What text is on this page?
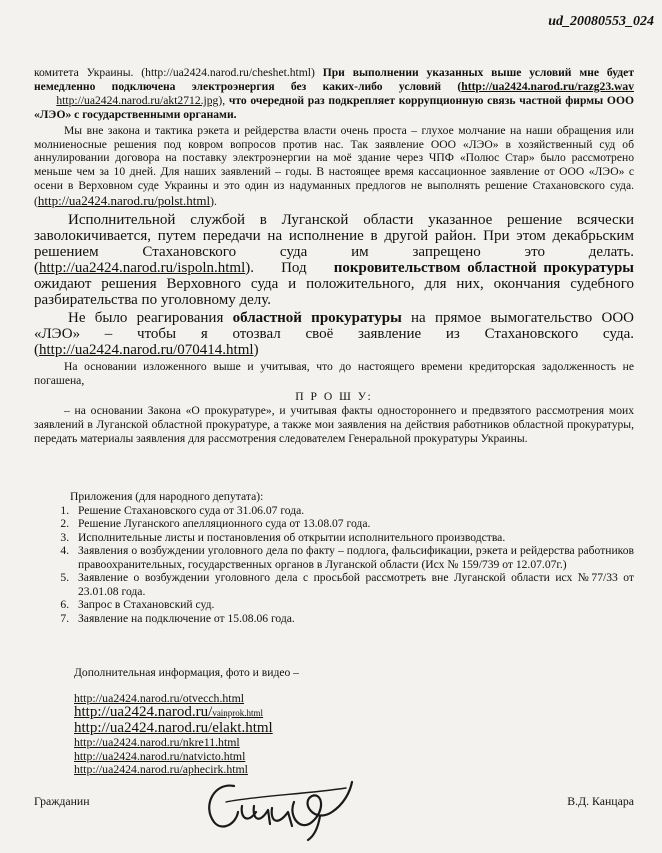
ud_20080553_024

комитета Украины. (http://ua2424.narod.ru/cheshet.html) При выполнении указанных выше условий мне будет немедленно подключена электроэнергия без каких-либо условий (http://ua2424.narod.ru/razg23.wav      http://ua2424.narod.ru/akt2712.jpg), что очередной раз подкрепляет коррупционную связь частной фирмы ООО «ЛЭО» с государственными органами.

Мы вне закона и тактика рэкета и рейдерства власти очень проста – глухое молчание на наши обращения или молниеносные решения под ковром вопросов против нас. Так заявление ООО «ЛЭО» в хозяйственный суд об аннулировании договора на поставку электроэнергии на моё здание через ЧПФ «Полюс Стар» было рассмотрено меньше чем за 10 дней. Для наших заявлений – годы. В настоящее время кассационное заявление от ООО «ЛЭО» с осени в Верховном суде Украины и это один из надуманных предлогов не выполнять решение Стахановского суда. (http://ua2424.narod.ru/polst.html).

Исполнительной службой в Луганской области указанное решение всячески заволокичивается, путем передачи на исполнение в другой район. При этом декабрьским решением Стахановского суда им запрещено это делать.(http://ua2424.narod.ru/ispoln.html).    Под    покровительством областной прокуратуры ожидают решения Верховного суда и положительного, для них, окончания судебного разбирательства по уголовному делу.

Не было реагирования областной прокуратуры на прямое вымогательство ООО «ЛЭО» – чтобы я отозвал своё заявление из Стахановского суда. (http://ua2424.narod.ru/070414.html)

На основании изложенного выше и учитывая, что до настоящего времени кредиторская задолженность не погашена,

П Р О Ш У:

– на основании Закона «О прокуратуре», и учитывая факты одностороннего и предвзятого рассмотрения моих заявлений в Луганской областной прокуратуре, а также мои заявления на действия работников областной прокуратуры, передать материалы заявления для рассмотрения следователем Генеральной прокуратуры Украины.

Приложения (для народного депутата):
1. Решение Стахановского суда от 31.06.07 года.
2. Решение Луганского апелляционного суда от 13.08.07 года.
3. Исполнительные листы и постановления об открытии исполнительного производства.
4. Заявления о возбуждении уголовного дела по факту – подлога, фальсификации, рэкета и рейдерства работников правоохранительных, государственных органов в Луганской области (Исх № 159/739 от 12.07.07г.)
5. Заявление о возбуждении уголовного дела с просьбой рассмотреть вне Луганской области исх №77/33 от 23.01.08 года.
6. Запрос в Стахановский суд.
7. Заявление на подключение от 15.08.06 года.
Дополнительная информация, фото и видео –
http://ua2424.narod.ru/otvecch.html
http://ua2424.narod.ru/vainprok.html
http://ua2424.narod.ru/elakt.html
http://ua2424.narod.ru/nkre11.html
http://ua2424.narod.ru/natvicto.html
http://ua2424.narod.ru/aphecirk.html
Гражданин	В.Д. Канцара
